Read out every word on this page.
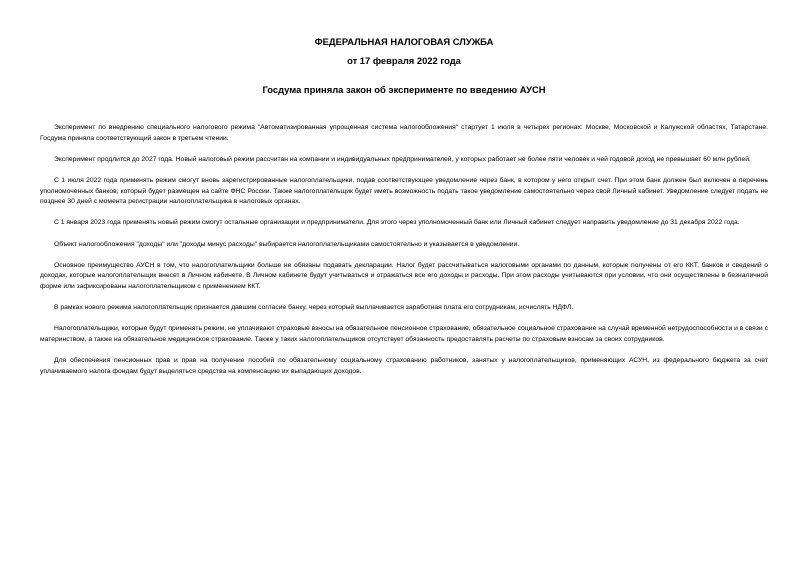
ФЕДЕРАЛЬНАЯ НАЛОГОВАЯ СЛУЖБА

от 17 февраля 2022 года

Госдума приняла закон об эксперименте по введению АУСН

Эксперимент по внедрению специального налогового режима "Автоматизированная упрощенная система налогообложения" стартует 1 июля в четырех регионах: Москве, Московской и Калужской областях, Татарстане. Госдума приняла соответствующий закон в третьем чтении.

Эксперимент продлится до 2027 года. Новый налоговый режим рассчитан на компании и индивидуальных предпринимателей, у которых работает не более пяти человек и чей годовой доход не превышает 60 млн рублей.

С 1 июля 2022 года применять режим смогут вновь зарегистрированные налогоплательщики, подав соответствующее уведомление через банк, в котором у него открыт счет. При этом банк должен был включен в перечень уполномоченных банков, который будет размещен на сайте ФНС России. Также налогоплательщик будет иметь возможность подать такое уведомление самостоятельно через свой Личный кабинет. Уведомление следует подать не позднее 30 дней с момента регистрации налогоплательщика в налоговых органах.

С 1 января 2023 года применять новый режим смогут остальные организации и предприниматели. Для этого через уполномоченный банк или Личный кабинет следует направить уведомление до 31 декабря 2022 года.

Объект налогообложения "доходы" или "доходы минус расходы" выбирается налогоплательщиками самостоятельно и указывается в уведомлении.

Основное преимущество АУСН в том, что налогоплательщики больше не обязаны подавать декларации. Налог будет рассчитываться налоговыми органами по данным, которые получены от его ККТ, банков и сведений о доходах, которые налогоплательщик внесет в Личном кабинете. В Личном кабинете будут учитываться и отражаться все его доходы и расходы. При этом расходы учитываются при условии, что они осуществлены в безналичной форме или зафиксированы налогоплательщиком с применением ККТ.

В рамках нового режима налогоплательщик признается давшим согласие банку, через который выплачивается заработная плата его сотрудникам, исчислять НДФЛ.

Налогоплательщики, которые будут применять режим, не уплачивают страховые взносы на обязательное пенсионное страхование, обязательное социальное страхование на случай временной нетрудоспособности и в связи с материнством, а также на обязательное медицинское страхование. Также у таких налогоплательщиков отсутствует обязанность предоставлять расчеты по страховым взносам за своих сотрудников.

Для обеспечения пенсионных прав и прав на получение пособий по обязательному социальному страхованию работников, занятых у налогоплательщиков, применяющих АСУН, из федерального бюджета за счет уплачиваемого налога фондам будут выделяться средства на компенсацию их выпадающих доходов.
